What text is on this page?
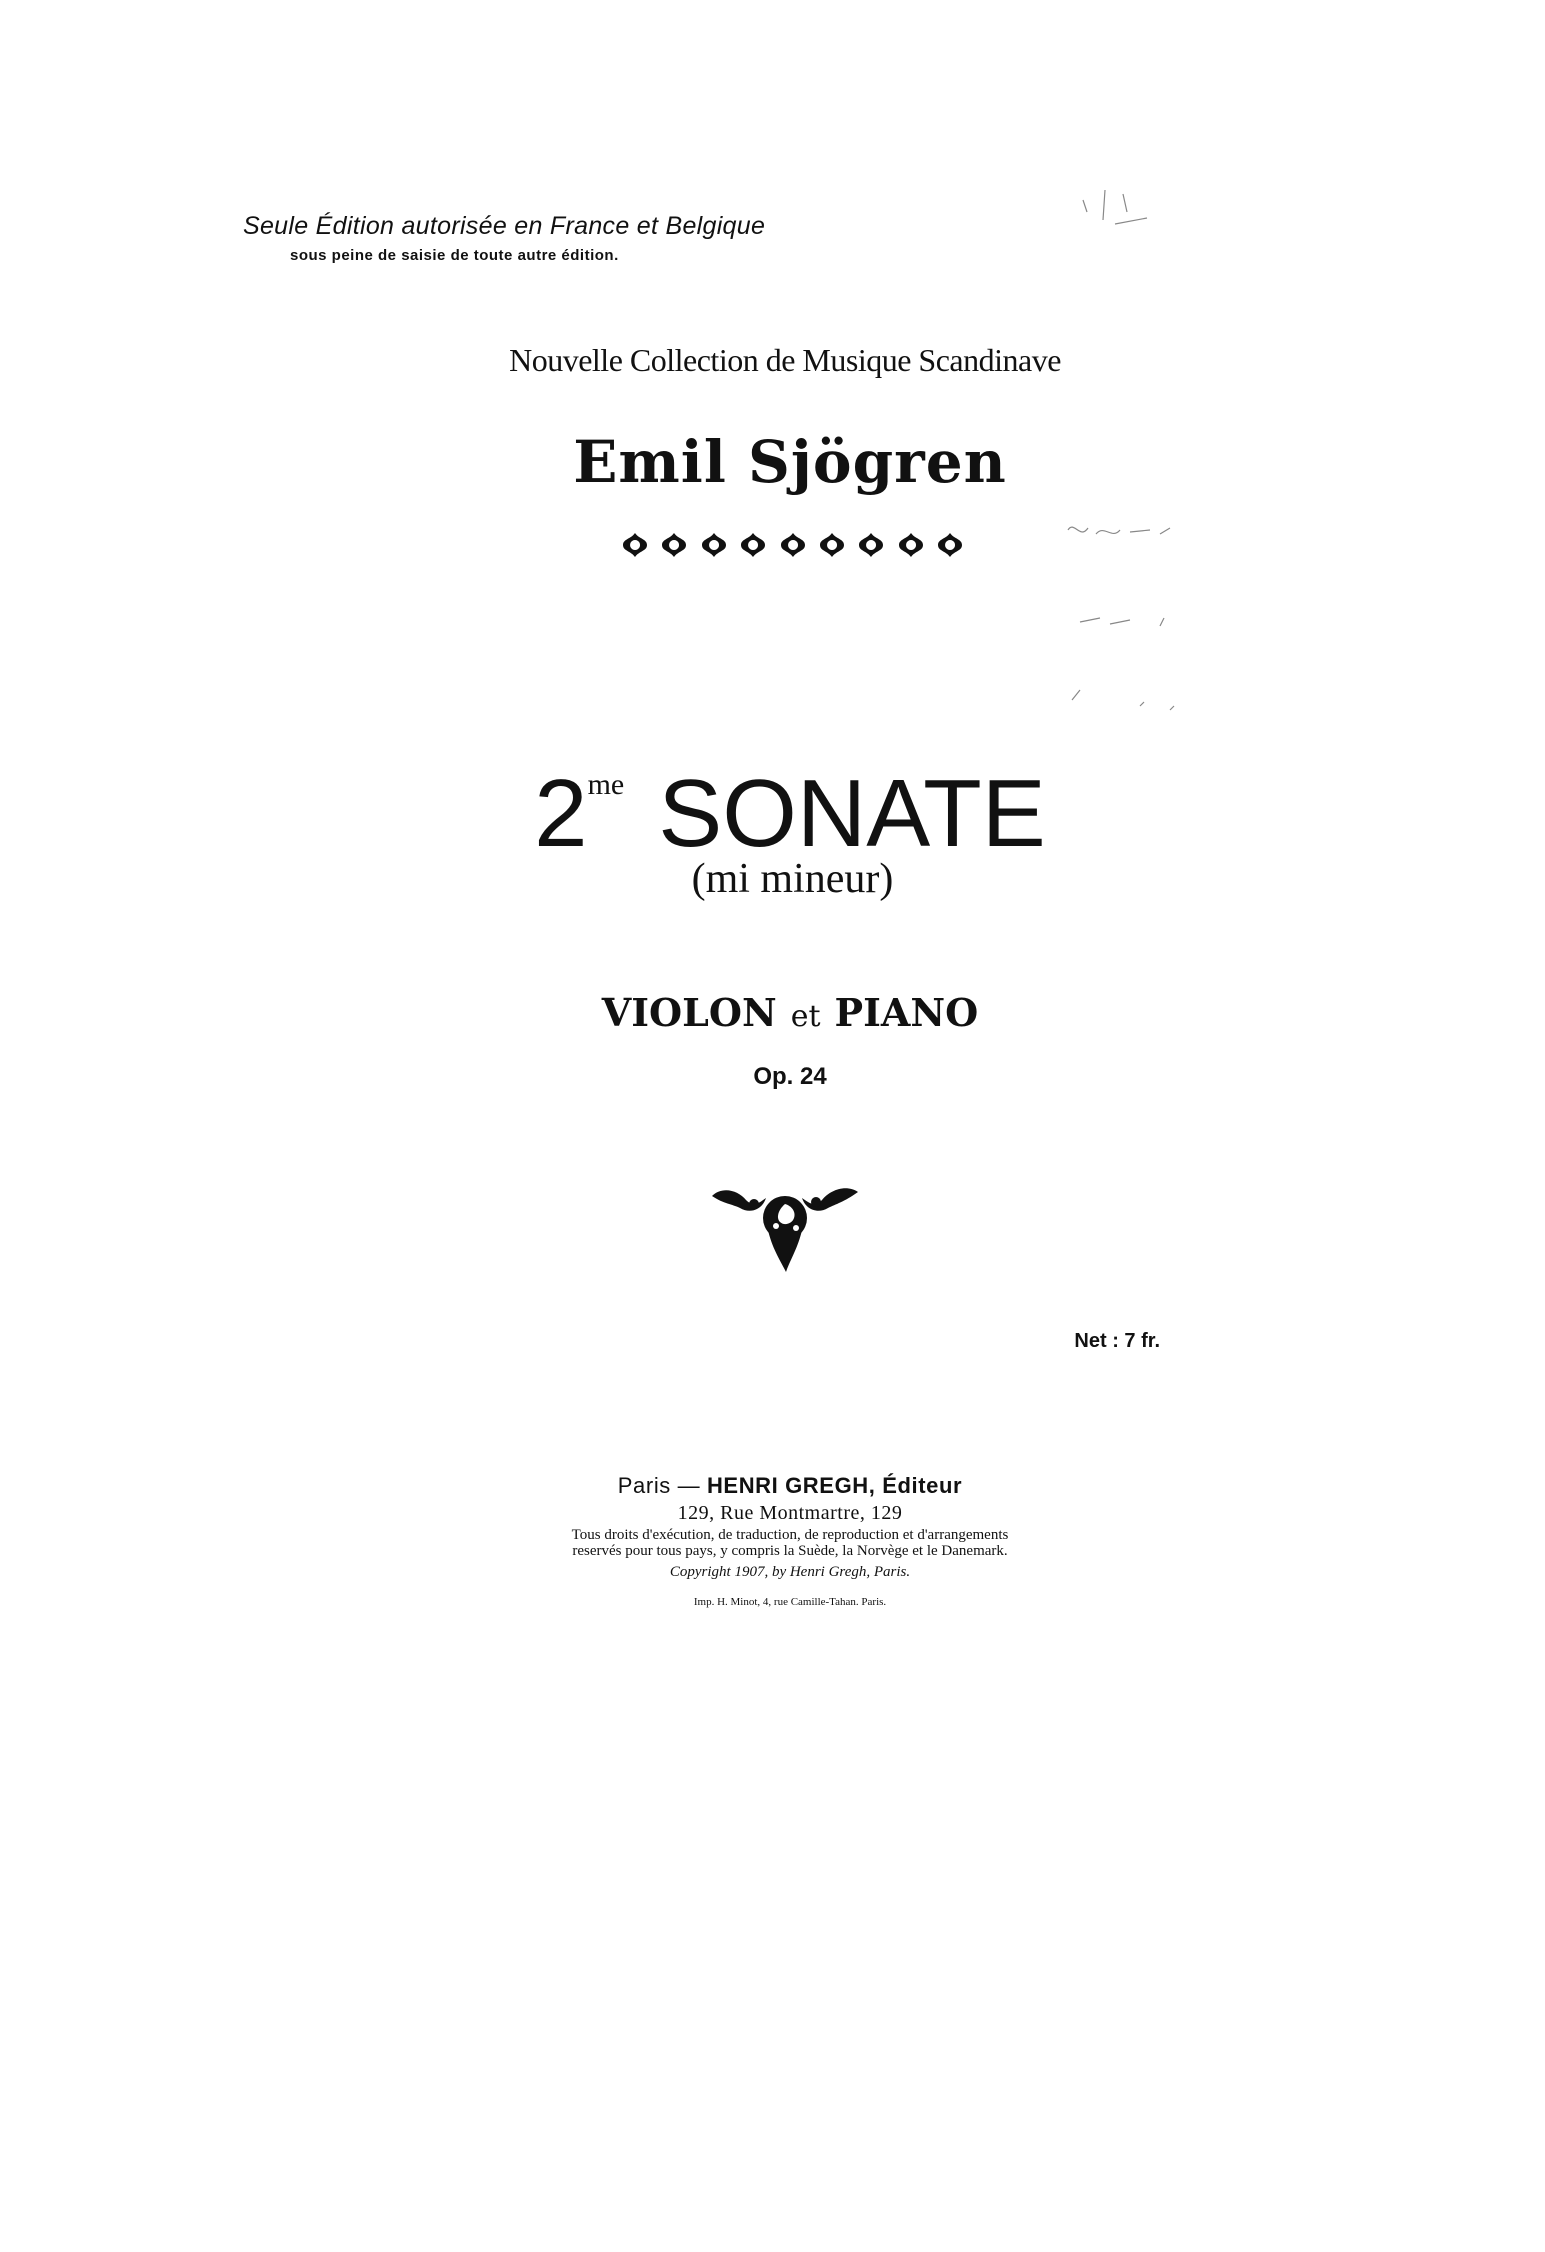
Seule Édition autorisée en France et Belgique
sous peine de saisie de toute autre édition.
Nouvelle Collection de Musique Scandinave
Emil Sjögren
$2^{me}$ SONATE
(mi mineur)
VIOLON et PIANO
Op. 24
Net : 7 fr.
Paris — HENRI GREGH, Éditeur
129, Rue Montmartre, 129
Tous droits d'exécution, de traduction, de reproduction et d'arrangements
reservés pour tous pays, y compris la Suède, la Norvège et le Danemark.
Copyright 1907, by Henri Gregh, Paris.
Imp. H. Minot, 4, rue Camille-Tahan. Paris.
